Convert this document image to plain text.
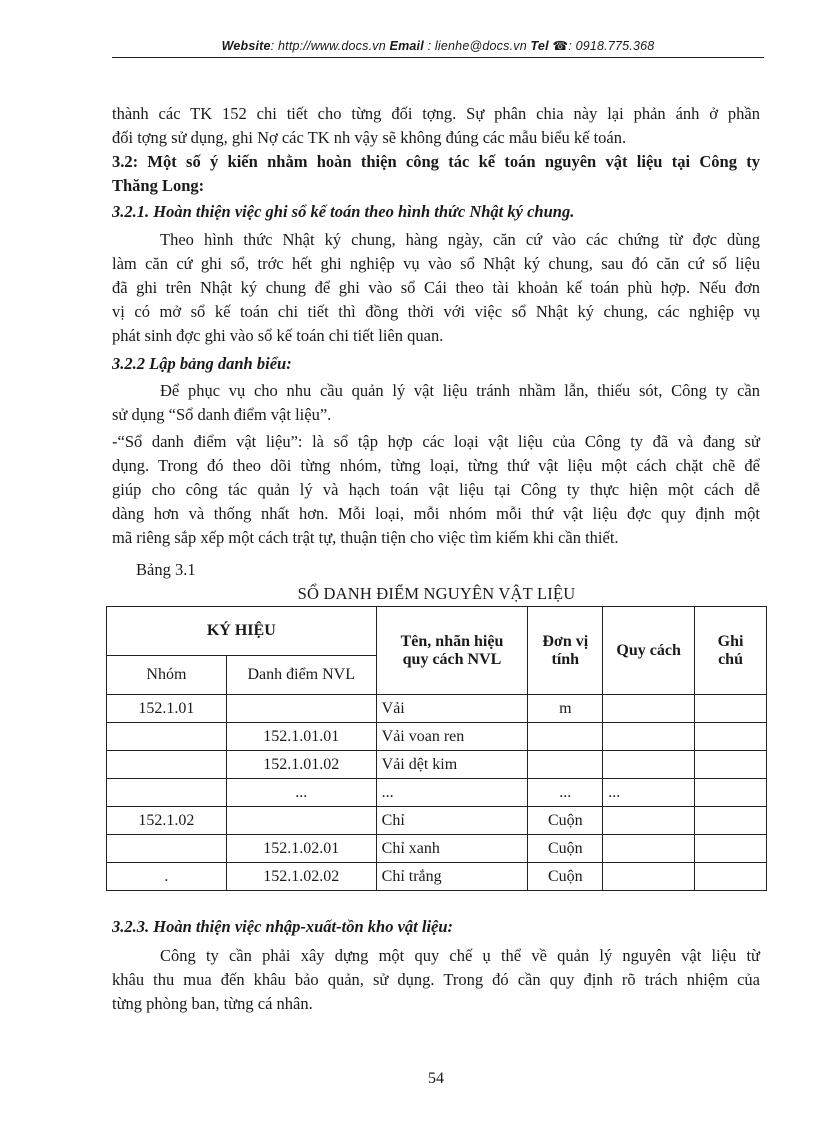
Website: http://www.docs.vn Email : lienhe@docs.vn Tel ☎: 0918.775.368

thành các TK 152 chi tiết cho từng đối tợng. Sự phân chia này lại phản ánh ở phần

đối tợng sử dụng, ghi Nợ các TK nh vậy sẽ không đúng các mẫu biểu kế toán.

3.2: Một số ý kiến nhằm hoàn thiện công tác kế toán nguyên vật liệu tại Công ty

Thăng Long:

3.2.1. Hoàn thiện việc ghi sổ kế toán theo hình thức Nhật ký chung.

Theo hình thức Nhật ký chung, hàng ngày, căn cứ vào các chứng từ đợc dùng

làm căn cứ ghi sổ, trớc hết ghi nghiệp vụ vào sổ Nhật ký chung, sau đó căn cứ số liệu

đã ghi trên Nhật ký chung để ghi vào sổ Cái theo tài khoản kế toán phù hợp. Nếu đơn

vị có mở sổ kế toán chi tiết thì đồng thời với việc sổ Nhật ký chung, các nghiệp vụ

phát sinh đợc ghi vào sổ kế toán chi tiết liên quan.

3.2.2 Lập bảng danh biểu:

Để phục vụ cho nhu cầu quản lý vật liệu tránh nhầm lẫn, thiếu sót, Công ty cần

sử dụng “Sổ danh điểm vật liệu”.

-“Sổ danh điểm vật liệu”: là sổ tập hợp các loại vật liệu của Công ty đã và đang sử

dụng. Trong đó theo dõi từng nhóm, từng loại, từng thứ vật liệu một cách chặt chẽ để

giúp cho công tác quản lý và hạch toán vật liệu tại Công ty thực hiện một cách dễ

dàng hơn và thống nhất hơn. Mỗi loại, mỗi nhóm mỗi thứ vật liệu đợc quy định một

mã riêng sắp xếp một cách trật tự, thuận tiện cho việc tìm kiếm khi cần thiết.

Bảng 3.1
SỔ DANH ĐIỂM NGUYÊN VẬT LIỆU
KÝ HIỆU		Tên, nhãn hiệu
quy cách NVL	Đơn vị
tính	Quy cách	Ghi
chú
Nhóm	Danh điểm NVL				
152.1.01		Vải	m		
	152.1.01.01	Vải voan ren			
	152.1.01.02	Vải dệt kim			
	...	...	...	...	
152.1.02		Chỉ	Cuộn		
	152.1.02.01	Chỉ xanh	Cuộn		
.	152.1.02.02	Chỉ trắng	Cuộn		

3.2.3. Hoàn thiện việc nhập-xuất-tồn kho vật liệu:

Công ty cần phải xây dựng một quy chế ụ thể về quản lý nguyên vật liệu từ

khâu thu mua đến khâu bảo quản, sử dụng. Trong đó cần quy định rõ trách nhiệm của

từng phòng ban, từng cá nhân.

54
